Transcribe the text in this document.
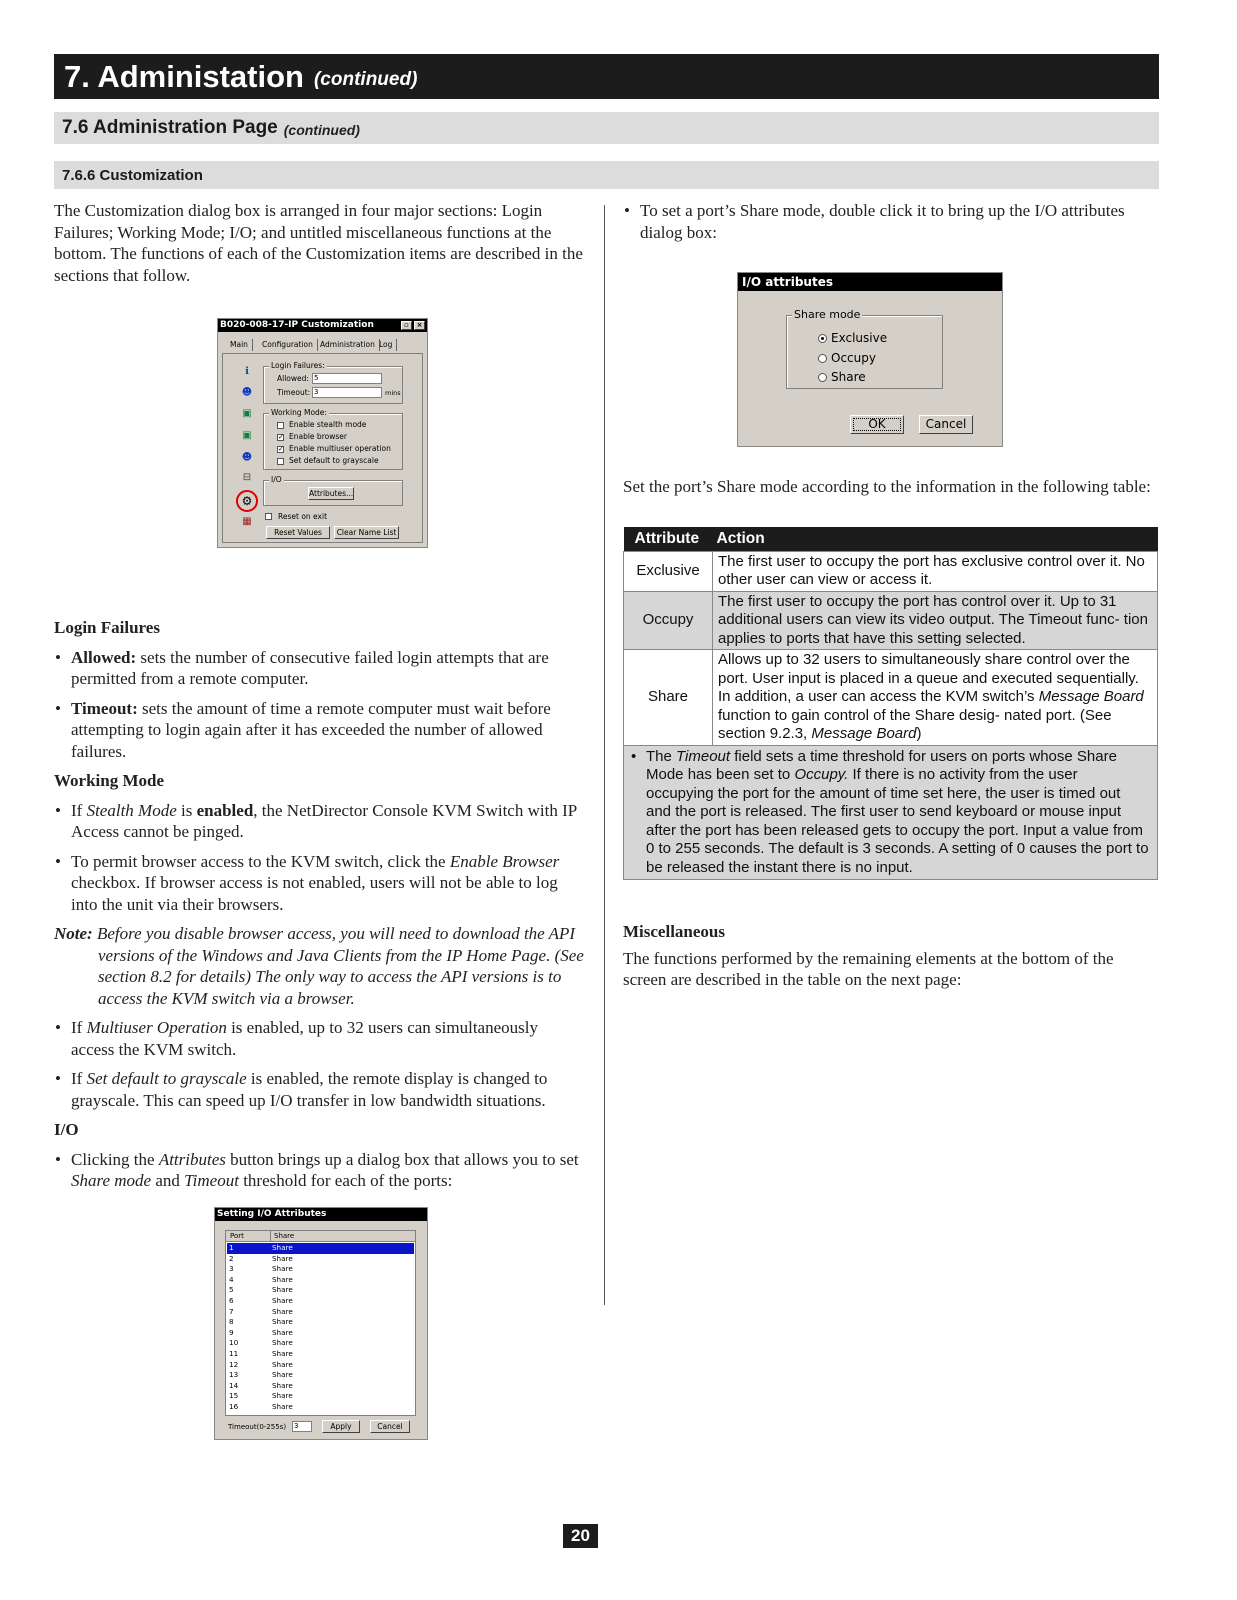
7. Administation (continued)
7.6 Administration Page (continued)
7.6.6 Customization

The Customization dialog box is arranged in four major sections: Login Failures; Working Mode; I/O; and untitled miscellaneous functions at the bottom. The functions of each of the Customization items are described in the sections that follow.

B020-008-17-IP Customization	▫	×
Main	Configuration Administration Log
ℹ
☻
▣
▣
☻
⊟
⚙
▦
Login Failures:
Allowed: 5
Timeout: 3	mins
Working Mode:
Enable stealth mode
✓ Enable browser
✓ Enable multiuser operation
Set default to grayscale
I/O
Attributes...
Reset on exit
Reset Values	Clear Name List

Login Failures

• Allowed: sets the number of consecutive failed login attempts that are permitted from a remote computer.
• Timeout: sets the amount of time a remote computer must wait before attempting to login again after it has exceeded the number of allowed failures.

Working Mode

• If Stealth Mode is enabled, the NetDirector Console KVM Switch with IP Access cannot be pinged.
• To permit browser access to the KVM switch, click the Enable Browser checkbox. If browser access is not enabled, users will not be able to log into the unit via their browsers.

Note: Before you disable browser access, you will need to download the API versions of the Windows and Java Clients from the IP Home Page. (See section 8.2 for details) The only way to access the API versions is to access the KVM switch via a browser.

• If Multiuser Operation is enabled, up to 32 users can simultaneously access the KVM switch.
• If Set default to grayscale is enabled, the remote display is changed to grayscale. This can speed up I/O transfer in low bandwidth situations.

I/O

• Clicking the Attributes button brings up a dialog box that allows you to set Share mode and Timeout threshold for each of the ports:
Setting I/O Attributes
Port	Share
1	Share
2	Share
3	Share
4	Share
5	Share
6	Share
7	Share
8	Share
9	Share
10	Share
11	Share
12	Share
13	Share
14	Share
15	Share
16	Share
Timeout(0-255s) 3	Apply	Cancel
• To set a port’s Share mode, double click it to bring up the I/O attributes dialog box:
I/O attributes
Share mode
Exclusive
Occupy
Share
OK	Cancel
Set the port’s Share mode according to the information in the following table:
Attribute	Action
Exclusive	The first user to occupy the port has exclusive control over it. No other user can view or access it.
Occupy	The first user to occupy the port has control over it. Up to 31 additional users can view its video output. The Timeout func- tion applies to ports that have this setting selected.
Share	Allows up to 32 users to simultaneously share control over the port. User input is placed in a queue and executed sequentially. In addition, a user can access the KVM switch’s Message Board function to gain control of the Share desig- nated port. (See section 9.2.3, Message Board)
• The Timeout field sets a time threshold for users on ports whose Share Mode has been set to Occupy. If there is no activity from the user occupying the port for the amount of time set here, the user is timed out and the port is released. The first user to send keyboard or mouse input after the port has been released gets to occupy the port. Input a value from 0 to 255 seconds. The default is 3 seconds. A setting of 0 causes the port to be released the instant there is no input.

Miscellaneous

The functions performed by the remaining elements at the bottom of the screen are described in the table on the next page:

20
